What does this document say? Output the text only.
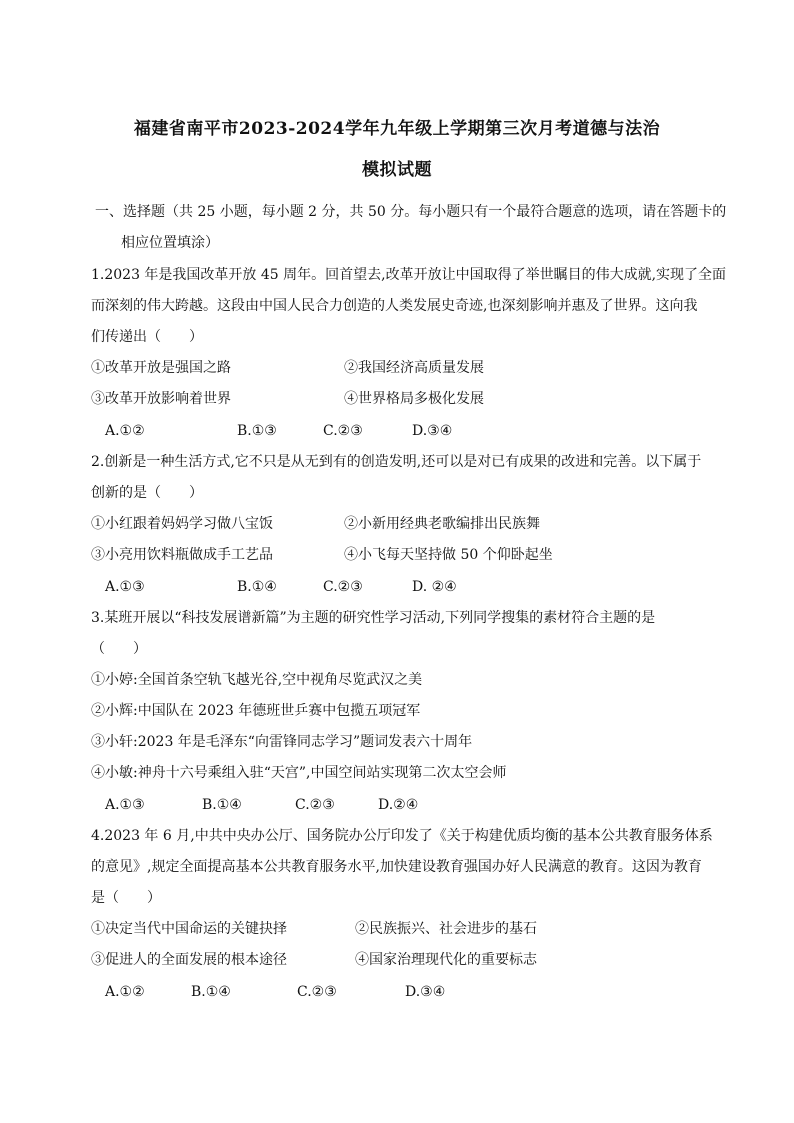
福建省南平市2023-2024学年九年级上学期第三次月考道德与法治
模拟试题
一、选择题（共 25 小题，每小题 2 分，共 50 分。每小题只有一个最符合题意的选项，请在答题卡的
相应位置填涂）
1.2023 年是我国改革开放 45 周年。回首望去,改革开放让中国取得了举世瞩目的伟大成就,实现了全面
而深刻的伟大跨越。这段由中国人民合力创造的人类发展史奇迹,也深刻影响并惠及了世界。这向我
们传递出（　　）
①改革开放是强国之路	②我国经济高质量发展
③改革开放影响着世界	④世界格局多极化发展
A.①②	B.①③	C.②③	D.③④
2.创新是一种生活方式,它不只是从无到有的创造发明,还可以是对已有成果的改进和完善。以下属于
创新的是（　　）
①小红跟着妈妈学习做八宝饭	②小新用经典老歌编排出民族舞
③小亮用饮料瓶做成手工艺品	④小飞每天坚持做 50 个仰卧起坐
A.①③	B.①④	C.②③	D. ②④
3.某班开展以“科技发展谱新篇”为主题的研究性学习活动,下列同学搜集的素材符合主题的是
（　　）
①小婷:全国首条空轨飞越光谷,空中视角尽览武汉之美
②小辉:中国队在 2023 年德班世乒赛中包揽五项冠军
③小轩:2023 年是毛泽东“向雷锋同志学习”题词发表六十周年
④小敏:神舟十六号乘组入驻“天宫”,中国空间站实现第二次太空会师
A.①③	B.①④	C.②③	D.②④
4.2023 年 6 月,中共中央办公厅、国务院办公厅印发了《关于构建优质均衡的基本公共教育服务体系
的意见》,规定全面提高基本公共教育服务水平,加快建设教育强国办好人民满意的教育。这因为教育
是（　　）
①决定当代中国命运的关键抉择	②民族振兴、社会进步的基石
③促进人的全面发展的根本途径	④国家治理现代化的重要标志
A.①②	B.①④	C.②③	D.③④
